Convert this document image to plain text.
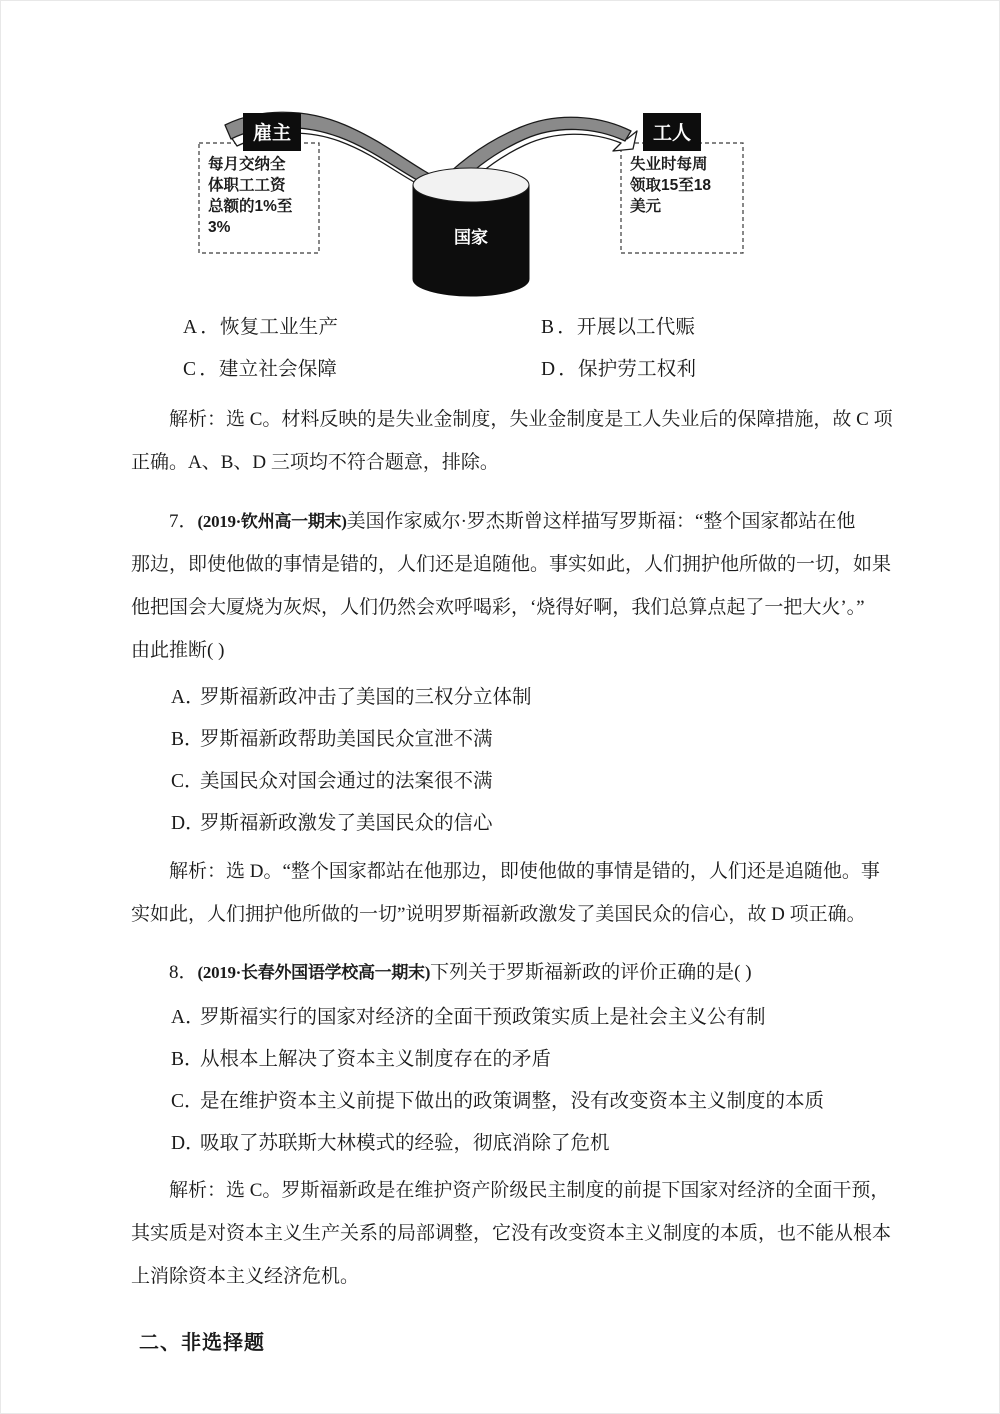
国家
雇主	工人
每月交纳全
体职工工资
总额的1%至
3%
失业时每周
领取15至18
美元
A ．恢复工业生产	B ．开展以工代赈
C ．建立社会保障	D ．保护劳工权利
解析：选 C。材料反映的是失业金制度，失业金制度是工人失业后的保障措施，故 C 项
正确。A、B、D 三项均不符合题意，排除。
7．(2019·钦州高一期末)美国作家威尔·罗杰斯曾这样描写罗斯福：“整个国家都站在他
那边，即使他做的事情是错的，人们还是追随他。事实如此，人们拥护他所做的一切，如果
他把国会大厦烧为灰烬，人们仍然会欢呼喝彩，‘烧得好啊，我们总算点起了一把大火’。”
由此推断( )
A．罗斯福新政冲击了美国的三权分立体制
B．罗斯福新政帮助美国民众宣泄不满
C．美国民众对国会通过的法案很不满
D．罗斯福新政激发了美国民众的信心
解析：选 D。“整个国家都站在他那边，即使他做的事情是错的，人们还是追随他。事
实如此，人们拥护他所做的一切”说明罗斯福新政激发了美国民众的信心，故 D 项正确。
8．(2019·长春外国语学校高一期末)下列关于罗斯福新政的评价正确的是( )
A．罗斯福实行的国家对经济的全面干预政策实质上是社会主义公有制
B．从根本上解决了资本主义制度存在的矛盾
C．是在维护资本主义前提下做出的政策调整，没有改变资本主义制度的本质
D．吸取了苏联斯大林模式的经验，彻底消除了危机
解析：选 C。罗斯福新政是在维护资产阶级民主制度的前提下国家对经济的全面干预，
其实质是对资本主义生产关系的局部调整，它没有改变资本主义制度的本质，也不能从根本
上消除资本主义经济危机。
二、非选择题
